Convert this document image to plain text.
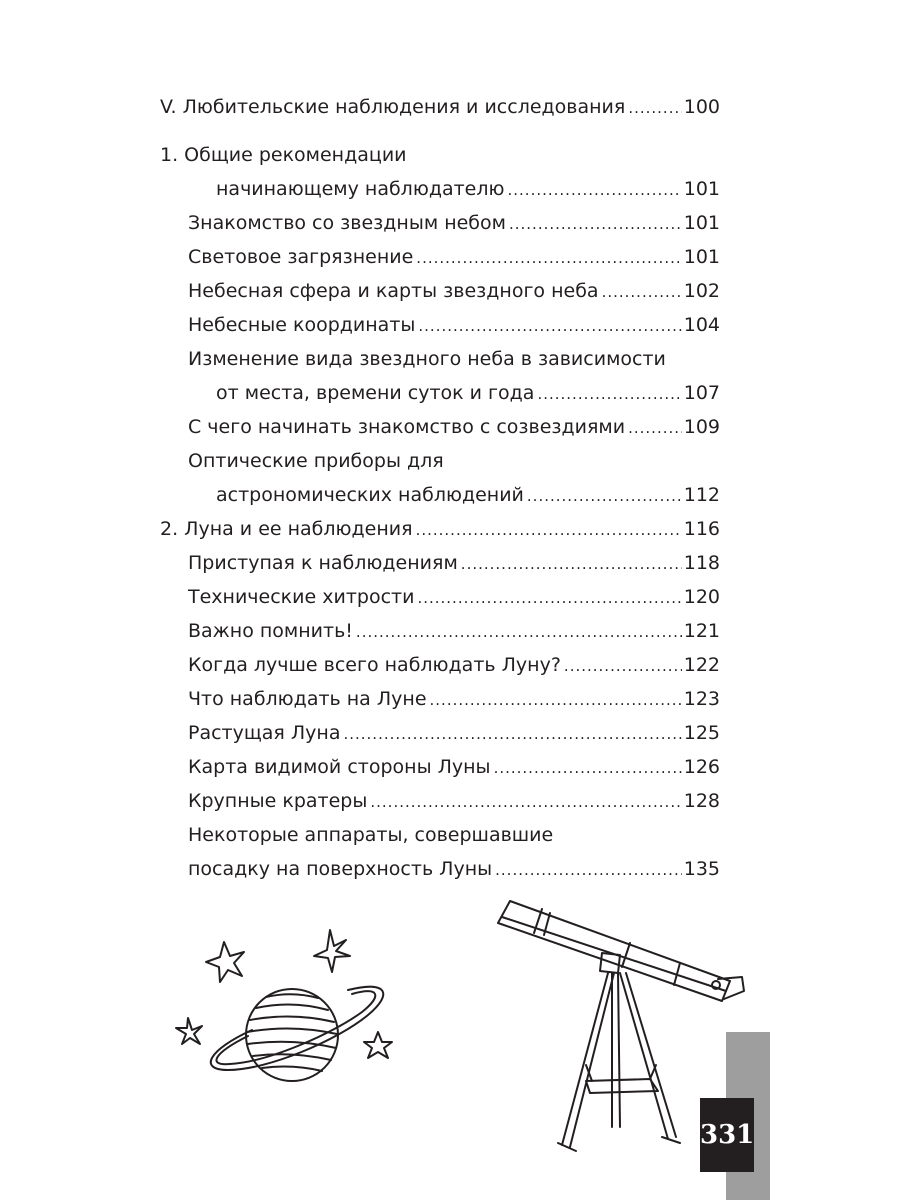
V. Любительские наблюдения и исследования .....	100
1. Общие рекомендации
начинающему наблюдателю .....	101
Знакомство со звездным небом .....	101
Световое загрязнение .....	101
Небесная сфера и карты звездного неба .....	102
Небесные координаты .....	104
Изменение вида звездного неба в зависимости
от места, времени суток и года .....	107
С чего начинать знакомство с созвездиями .....	109
Оптические приборы для
астрономических наблюдений .....	112
2. Луна и ее наблюдения .....	116
Приступая к наблюдениям .....	118
Технические хитрости .....	120
Важно помнить! .....	121
Когда лучше всего наблюдать Луну? .....	122
Что наблюдать на Луне .....	123
Растущая Луна .....	125
Карта видимой стороны Луны .....	126
Крупные кратеры .....	128
Некоторые аппараты, совершавшие
посадку на поверхность Луны .....	135
331
